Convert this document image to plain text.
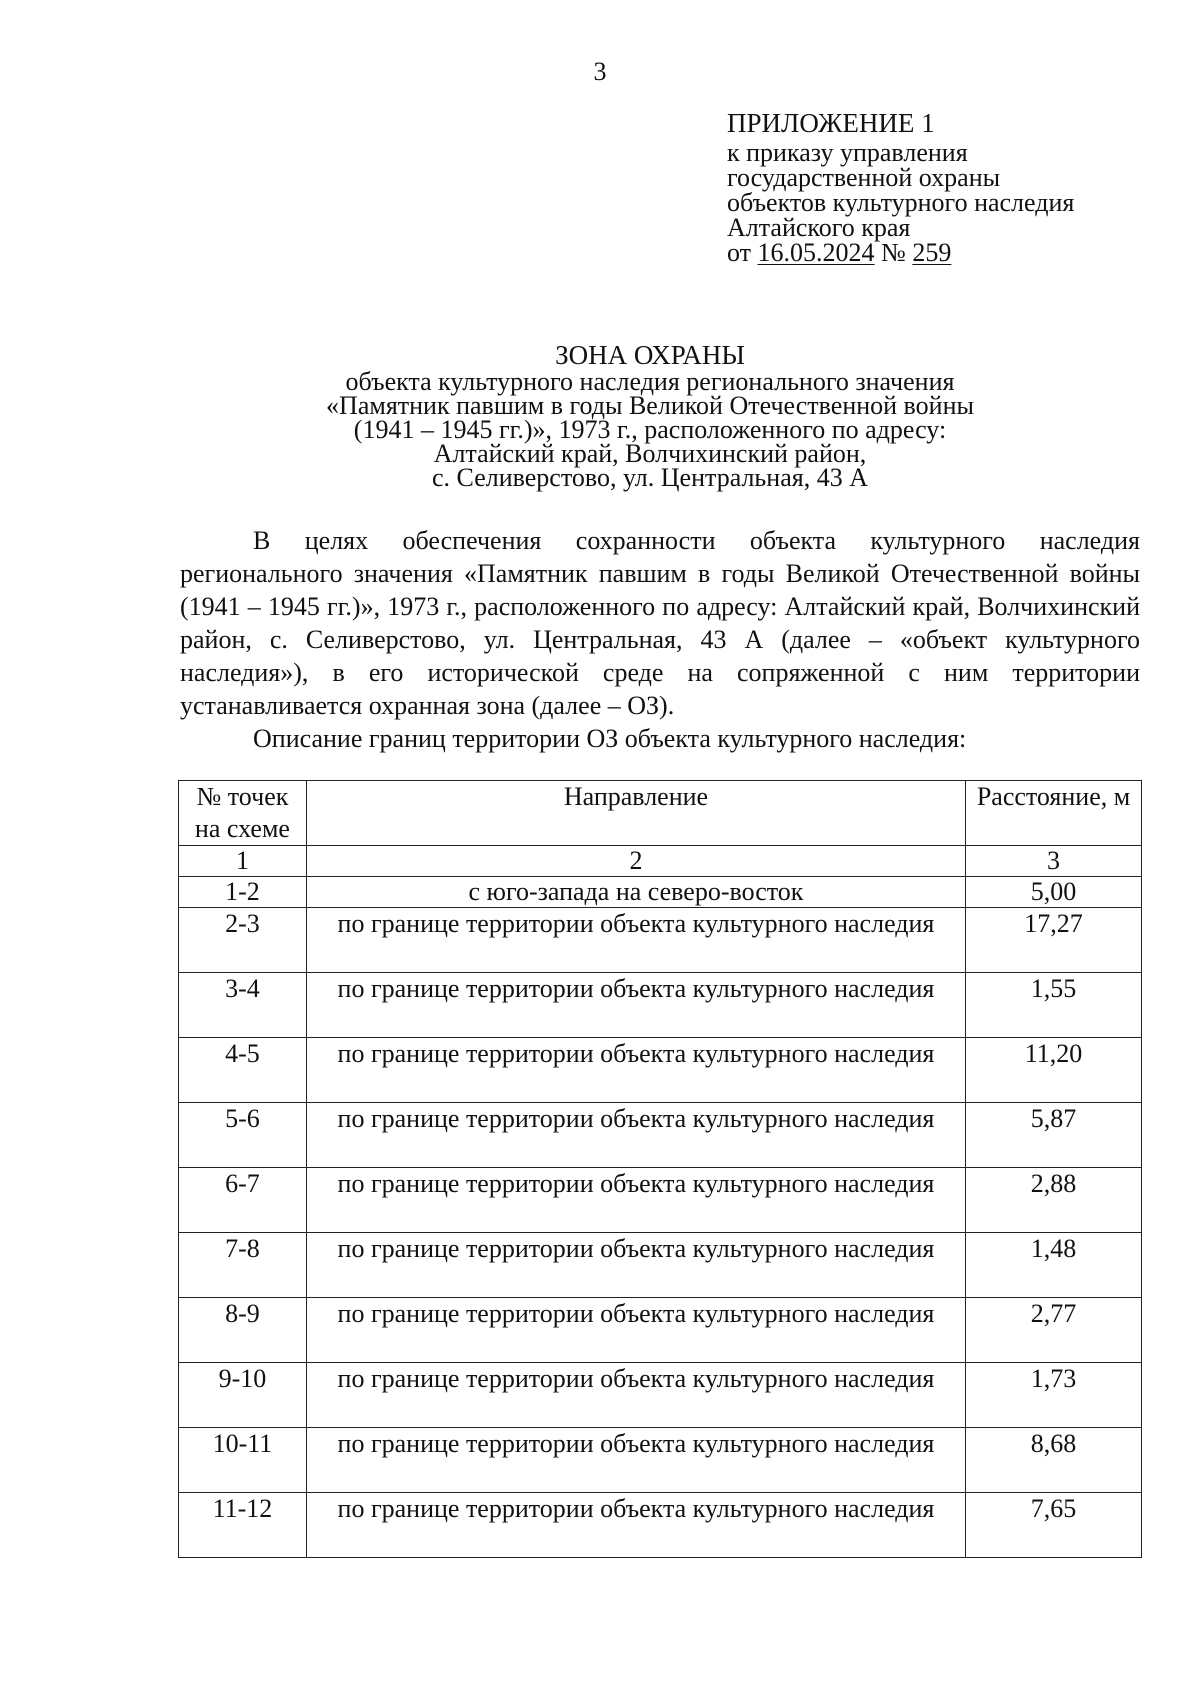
3
ПРИЛОЖЕНИЕ 1
к приказу управления
государственной охраны
объектов культурного наследия
Алтайского края
от 16.05.2024 № 259
ЗОНА ОХРАНЫ
объекта культурного наследия регионального значения
«Памятник павшим в годы Великой Отечественной войны
(1941 – 1945 гг.)», 1973 г., расположенного по адресу:
Алтайский край, Волчихинский район,
с. Селиверстово, ул. Центральная, 43 А

В целях обеспечения сохранности объекта культурного наследия регионального значения «Памятник павшим в годы Великой Отечественной войны (1941 – 1945 гг.)», 1973 г., расположенного по адресу: Алтайский край, Волчихинский район, с. Селиверстово, ул. Центральная, 43 А (далее – «объект культурного наследия»), в его исторической среде на сопряженной с ним территории устанавливается охранная зона (далее – ОЗ).

Описание границ территории ОЗ объекта культурного наследия:

№ точек на схеме	Направление	Расстояние, м
1	2	3
1-2	с юго-запада на северо-восток	5,00
2-3	по границе территории объекта культурного наследия	17,27
3-4	по границе территории объекта культурного наследия	1,55
4-5	по границе территории объекта культурного наследия	11,20
5-6	по границе территории объекта культурного наследия	5,87
6-7	по границе территории объекта культурного наследия	2,88
7-8	по границе территории объекта культурного наследия	1,48
8-9	по границе территории объекта культурного наследия	2,77
9-10	по границе территории объекта культурного наследия	1,73
10-11	по границе территории объекта культурного наследия	8,68
11-12	по границе территории объекта культурного наследия	7,65
